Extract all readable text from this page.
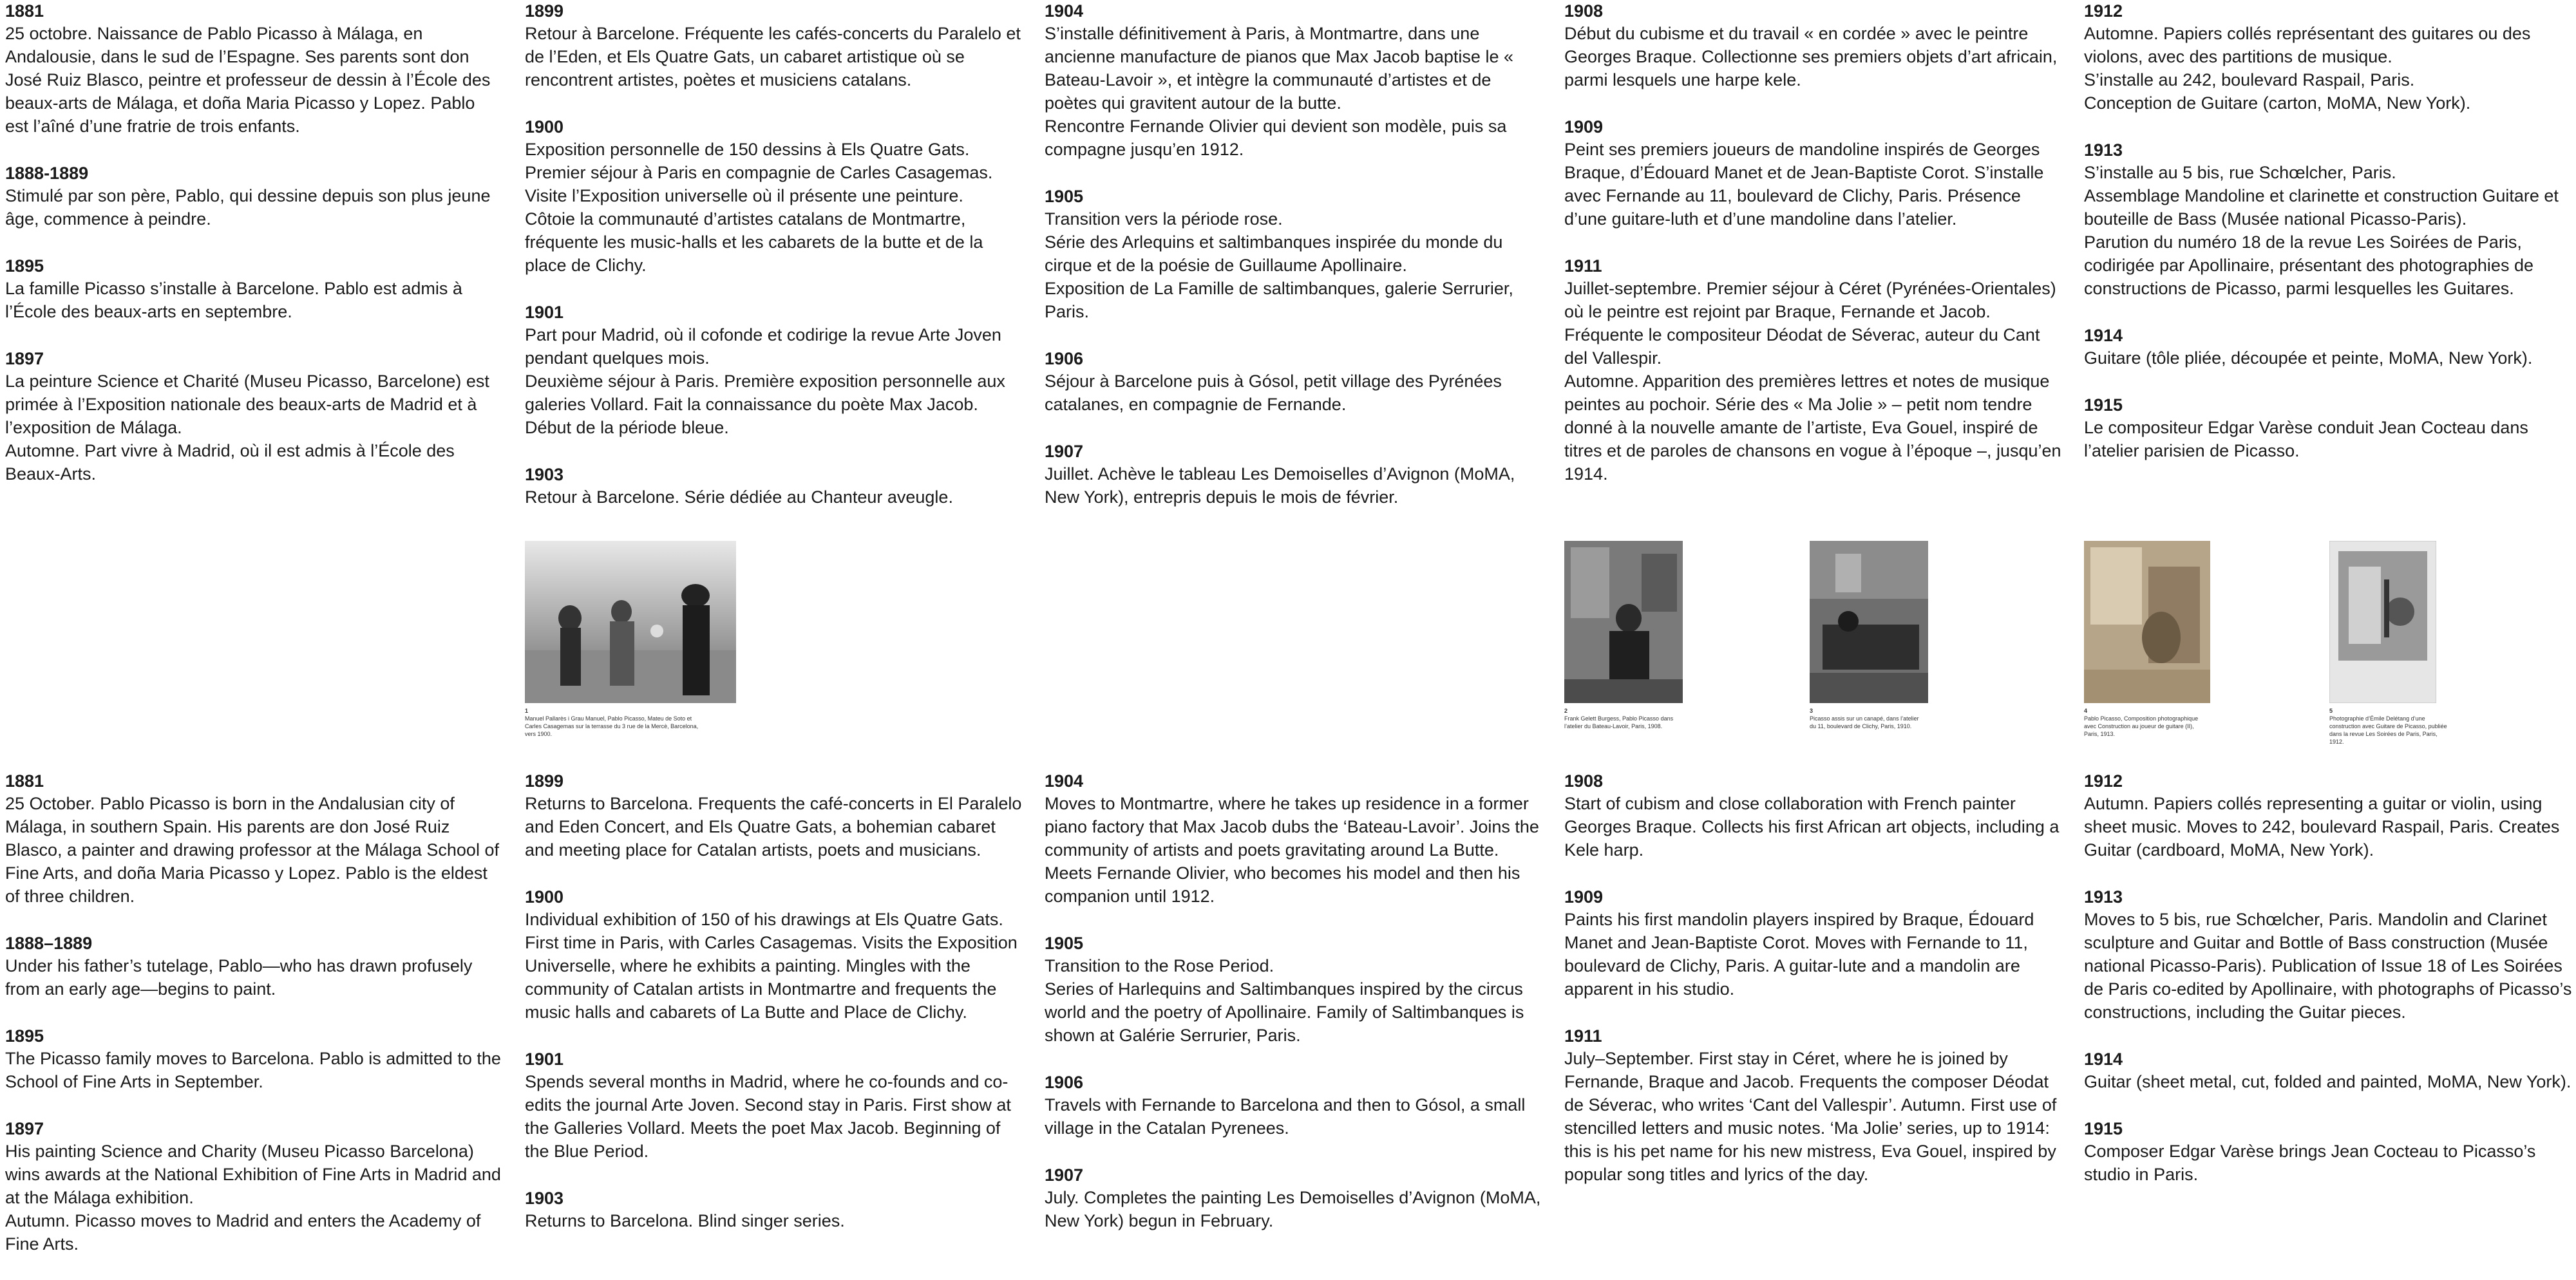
1881
25 octobre. Naissance de Pablo Picasso à Málaga, en Andalousie, dans le sud de l’Espagne. Ses parents sont don José Ruiz Blasco, peintre et professeur de dessin à l’École des beaux-arts de Málaga, et doña Maria Picasso y Lopez. Pablo est l’aîné d’une fratrie de trois enfants.
1888-1889
Stimulé par son père, Pablo, qui dessine depuis son plus jeune âge, commence à peindre.
1895
La famille Picasso s’installe à Barcelone. Pablo est admis à l’École des beaux-arts en septembre.
1897
La peinture Science et Charité (Museu Picasso, Barcelone) est primée à l’Exposition nationale des beaux-arts de Madrid et à l’exposition de Málaga.
Automne. Part vivre à Madrid, où il est admis à l’École des Beaux-Arts.
1899
Retour à Barcelone. Fréquente les cafés-concerts du Paralelo et de l’Eden, et Els Quatre Gats, un cabaret artistique où se rencontrent artistes, poètes et musiciens catalans.
1900
Exposition personnelle de 150 dessins à Els Quatre Gats.
Premier séjour à Paris en compagnie de Carles Casagemas.
Visite l’Exposition universelle où il présente une peinture.
Côtoie la communauté d’artistes catalans de Montmartre, fréquente les music-halls et les cabarets de la butte et de la place de Clichy.
1901
Part pour Madrid, où il cofonde et codirige la revue Arte Joven pendant quelques mois.
Deuxième séjour à Paris. Première exposition personnelle aux galeries Vollard. Fait la connaissance du poète Max Jacob.
Début de la période bleue.
1903
Retour à Barcelone. Série dédiée au Chanteur aveugle.
1904
S’installe définitivement à Paris, à Montmartre, dans une ancienne manufacture de pianos que Max Jacob baptise le « Bateau-Lavoir », et intègre la communauté d’artistes et de poètes qui gravitent autour de la butte.
Rencontre Fernande Olivier qui devient son modèle, puis sa compagne jusqu’en 1912.
1905
Transition vers la période rose.
Série des Arlequins et saltimbanques inspirée du monde du cirque et de la poésie de Guillaume Apollinaire.
Exposition de La Famille de saltimbanques, galerie Serrurier, Paris.
1906
Séjour à Barcelone puis à Gósol, petit village des Pyrénées catalanes, en compagnie de Fernande.
1907
Juillet. Achève le tableau Les Demoiselles d’Avignon (MoMA, New York), entrepris depuis le mois de février.
1908
Début du cubisme et du travail « en cordée » avec le peintre Georges Braque. Collectionne ses premiers objets d’art africain, parmi lesquels une harpe kele.
1909
Peint ses premiers joueurs de mandoline inspirés de Georges Braque, d’Édouard Manet et de Jean-Baptiste Corot. S’installe avec Fernande au 11, boulevard de Clichy, Paris. Présence d’une guitare-luth et d’une mandoline dans l’atelier.
1911
Juillet-septembre. Premier séjour à Céret (Pyrénées-Orientales) où le peintre est rejoint par Braque, Fernande et Jacob.
Fréquente le compositeur Déodat de Séverac, auteur du Cant del Vallespir.
Automne. Apparition des premières lettres et notes de musique peintes au pochoir. Série des « Ma Jolie » – petit nom tendre donné à la nouvelle amante de l’artiste, Eva Gouel, inspiré de titres et de paroles de chansons en vogue à l’époque –, jusqu’en 1914.
1912
Automne. Papiers collés représentant des guitares ou des violons, avec des partitions de musique.
S’installe au 242, boulevard Raspail, Paris.
Conception de Guitare (carton, MoMA, New York).
1913
S’installe au 5 bis, rue Schœlcher, Paris.
Assemblage Mandoline et clarinette et construction Guitare et bouteille de Bass (Musée national Picasso-Paris).
Parution du numéro 18 de la revue Les Soirées de Paris, codirigée par Apollinaire, présentant des photographies de constructions de Picasso, parmi lesquelles les Guitares.
1914
Guitare (tôle pliée, découpée et peinte, MoMA, New York).
1915
Le compositeur Edgar Varèse conduit Jean Cocteau dans l’atelier parisien de Picasso.
1
Manuel Pallarès i Grau Manuel, Pablo Picasso, Mateu de Soto et Carles Casagemas sur la terrasse du 3 rue de la Mercè, Barcelona, vers 1900.
2
Frank Gelett Burgess, Pablo Picasso dans l’atelier du Bateau-Lavoir, Paris, 1908.
3
Picasso assis sur un canapé, dans l’atelier du 11, boulevard de Clichy, Paris, 1910.
4
Pablo Picasso, Composition photographique avec Construction au joueur de guitare (II), Paris, 1913.
5
Photographie d’Émile Delétang d’une construction avec Guitare de Picasso, publiée dans la revue Les Soirées de Paris, Paris, 1912.
1881
25 October. Pablo Picasso is born in the Andalusian city of Málaga, in southern Spain. His parents are don José Ruiz Blasco, a painter and drawing professor at the Málaga School of Fine Arts, and doña Maria Picasso y Lopez. Pablo is the eldest of three children.
1888–1889
Under his father’s tutelage, Pablo—who has drawn profusely from an early age—begins to paint.
1895
The Picasso family moves to Barcelona. Pablo is admitted to the School of Fine Arts in September.
1897
His painting Science and Charity (Museu Picasso Barcelona) wins awards at the National Exhibition of Fine Arts in Madrid and at the Málaga exhibition.
Autumn. Picasso moves to Madrid and enters the Academy of Fine Arts.
1899
Returns to Barcelona. Frequents the café-concerts in El Paralelo and Eden Concert, and Els Quatre Gats, a bohemian cabaret and meeting place for Catalan artists, poets and musicians.
1900
Individual exhibition of 150 of his drawings at Els Quatre Gats. First time in Paris, with Carles Casagemas. Visits the Exposition Universelle, where he exhibits a painting. Mingles with the community of Catalan artists in Montmartre and frequents the music halls and cabarets of La Butte and Place de Clichy.
1901
Spends several months in Madrid, where he co-founds and co-edits the journal Arte Joven. Second stay in Paris. First show at the Galleries Vollard. Meets the poet Max Jacob. Beginning of the Blue Period.
1903
Returns to Barcelona. Blind singer series.
1904
Moves to Montmartre, where he takes up residence in a former piano factory that Max Jacob dubs the ‘Bateau-Lavoir’. Joins the community of artists and poets gravitating around La Butte. Meets Fernande Olivier, who becomes his model and then his companion until 1912.
1905
Transition to the Rose Period.
Series of Harlequins and Saltimbanques inspired by the circus world and the poetry of Apollinaire. Family of Saltimbanques is shown at Galérie Serrurier, Paris.
1906
Travels with Fernande to Barcelona and then to Gósol, a small village in the Catalan Pyrenees.
1907
July. Completes the painting Les Demoiselles d’Avignon (MoMA, New York) begun in February.
1908
Start of cubism and close collaboration with French painter Georges Braque. Collects his first African art objects, including a Kele harp.
1909
Paints his first mandolin players inspired by Braque, Édouard Manet and Jean-Baptiste Corot. Moves with Fernande to 11, boulevard de Clichy, Paris. A guitar-lute and a mandolin are apparent in his studio.
1911
July–September. First stay in Céret, where he is joined by Fernande, Braque and Jacob. Frequents the composer Déodat de Séverac, who writes ‘Cant del Vallespir’. Autumn. First use of stencilled letters and music notes. ‘Ma Jolie’ series, up to 1914: this is his pet name for his new mistress, Eva Gouel, inspired by popular song titles and lyrics of the day.
1912
Autumn. Papiers collés representing a guitar or violin, using sheet music. Moves to 242, boulevard Raspail, Paris. Creates Guitar (cardboard, MoMA, New York).
1913
Moves to 5 bis, rue Schœlcher, Paris. Mandolin and Clarinet sculpture and Guitar and Bottle of Bass construction (Musée national Picasso-Paris). Publication of Issue 18 of Les Soirées de Paris co-edited by Apollinaire, with photographs of Picasso’s constructions, including the Guitar pieces.
1914
Guitar (sheet metal, cut, folded and painted, MoMA, New York).
1915
Composer Edgar Varèse brings Jean Cocteau to Picasso’s studio in Paris.
